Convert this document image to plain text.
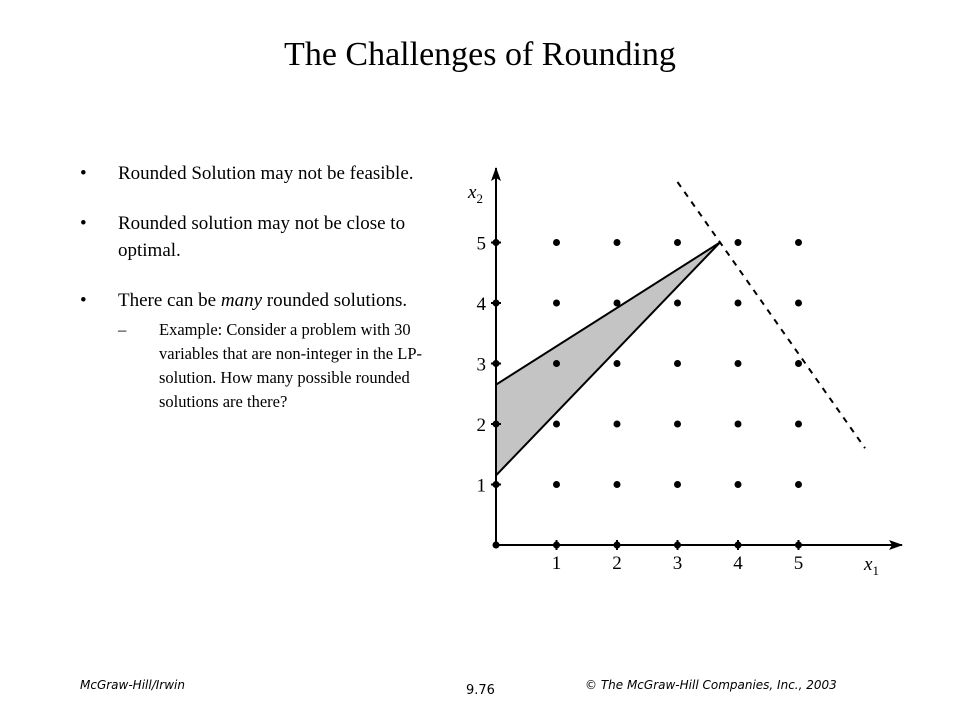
The Challenges of Rounding
• Rounded Solution may not be feasible.
• Rounded solution may not be close to optimal.
• There can be many rounded solutions.
– Example: Consider a problem with 30 variables that are non-integer in the LP-solution. How many possible rounded solutions are there?
1	2	3	4	5
1
2
3
4
5
$x_1$
$x_2$
McGraw-Hill/Irwin	9.76	© The McGraw-Hill Companies, Inc., 2003
